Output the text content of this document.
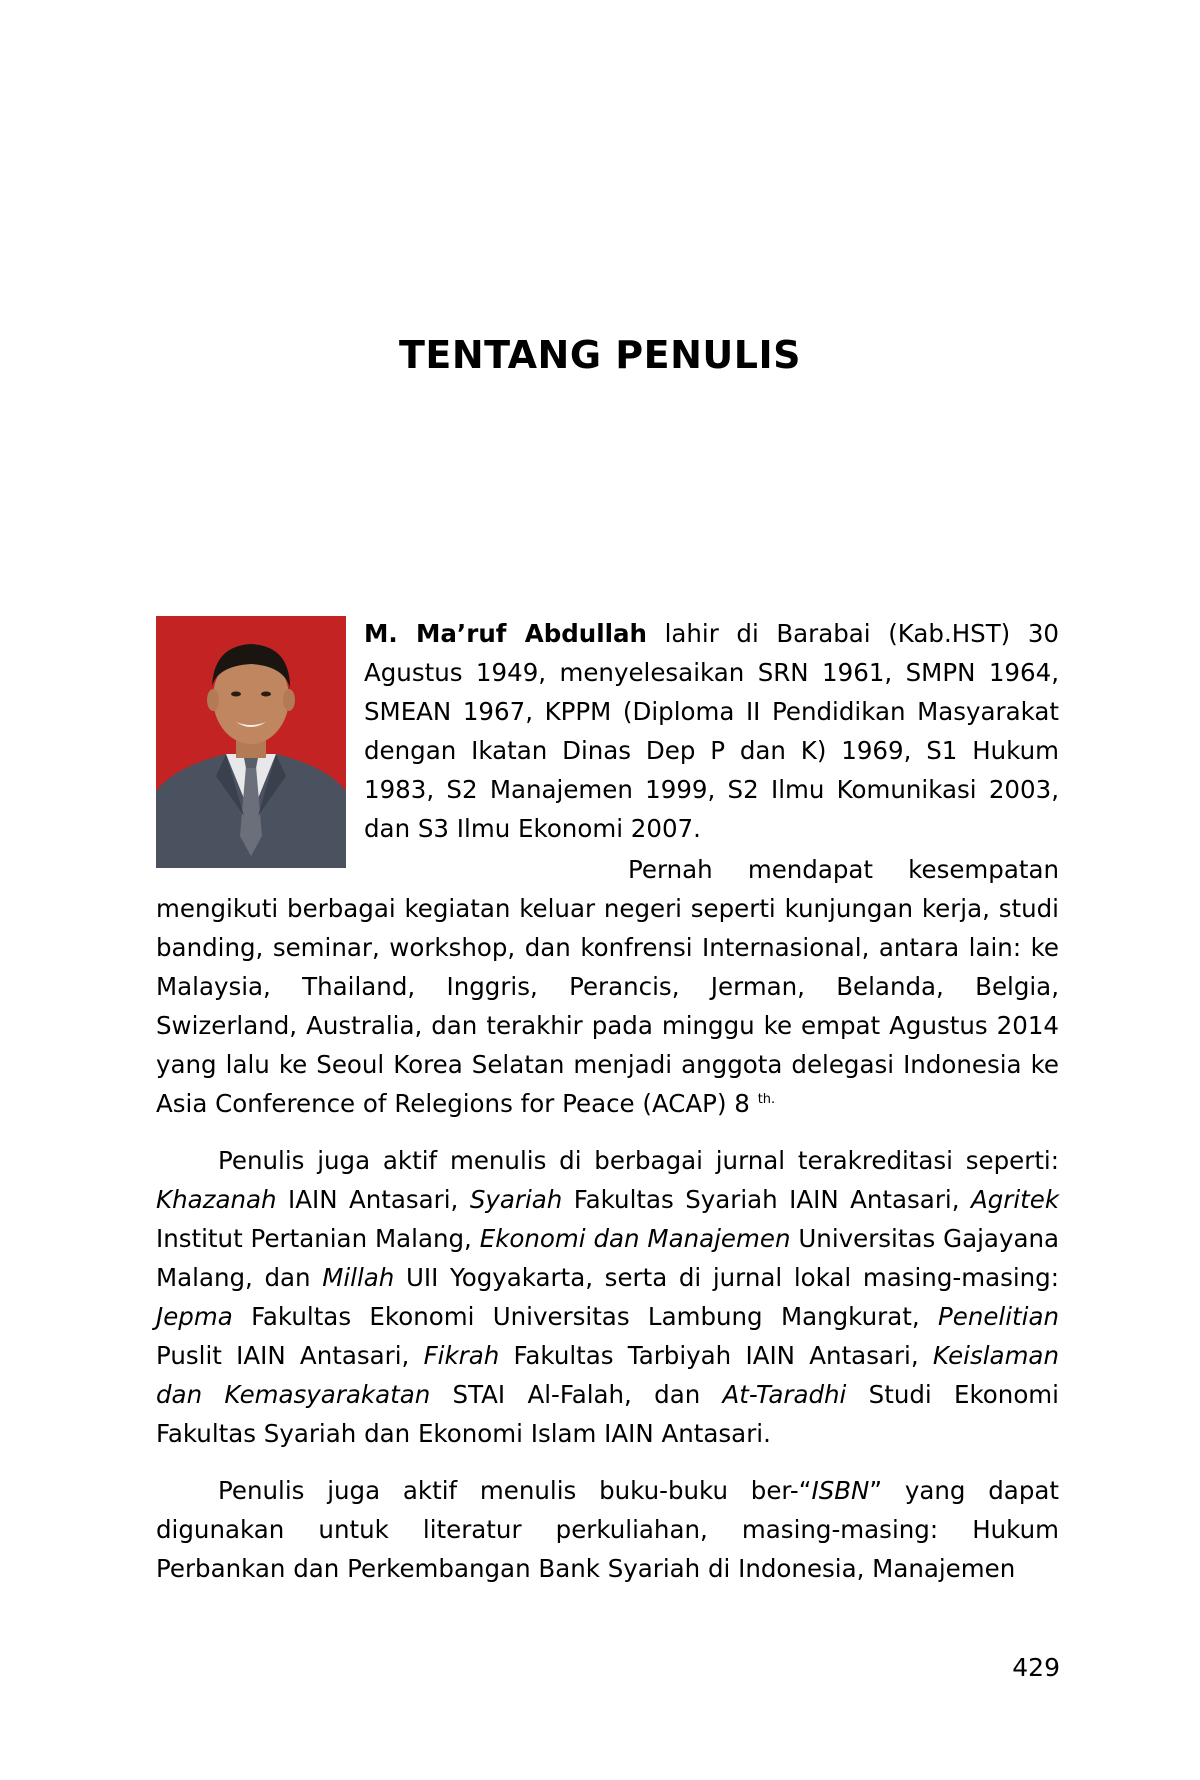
TENTANG PENULIS

M. Ma’ruf Abdullah lahir di Barabai (Kab.HST) 30 Agustus 1949, menyelesaikan SRN 1961, SMPN 1964, SMEAN 1967, KPPM (Diploma II Pendidikan Masyarakat dengan Ikatan Dinas Dep P dan K) 1969, S1 Hukum 1983, S2 Manajemen 1999, S2 Ilmu Komunikasi 2003, dan S3 Ilmu Ekonomi 2007.

Pernah mendapat kesempatan mengikuti berbagai kegiatan keluar negeri seperti kunjungan kerja, studi banding, seminar, workshop, dan konfrensi Internasional, antara lain: ke Malaysia, Thailand, Inggris, Perancis, Jerman, Belanda, Belgia, Swizerland, Australia, dan terakhir pada minggu ke empat Agustus 2014 yang lalu ke Seoul Korea Selatan menjadi anggota delegasi Indonesia ke Asia Conference of Relegions for Peace (ACAP) 8 $^{th.}$

Penulis juga aktif menulis di berbagai jurnal terakreditasi seperti: Khazanah IAIN Antasari, Syariah Fakultas Syariah IAIN Antasari, Agritek Institut Pertanian Malang, Ekonomi dan Manajemen Universitas Gajayana Malang, dan Millah UII Yogyakarta, serta di jurnal lokal masing-masing: Jepma Fakultas Ekonomi Universitas Lambung Mangkurat, Penelitian Puslit IAIN Antasari, Fikrah Fakultas Tarbiyah IAIN Antasari, Keislaman dan Kemasyarakatan STAI Al-Falah, dan At-Taradhi Studi Ekonomi Fakultas Syariah dan Ekonomi Islam IAIN Antasari.

Penulis juga aktif menulis buku-buku ber-“ISBN” yang dapat digunakan untuk literatur perkuliahan, masing-masing: Hukum Perbankan dan Perkembangan Bank Syariah di Indonesia, Manajemen

429
